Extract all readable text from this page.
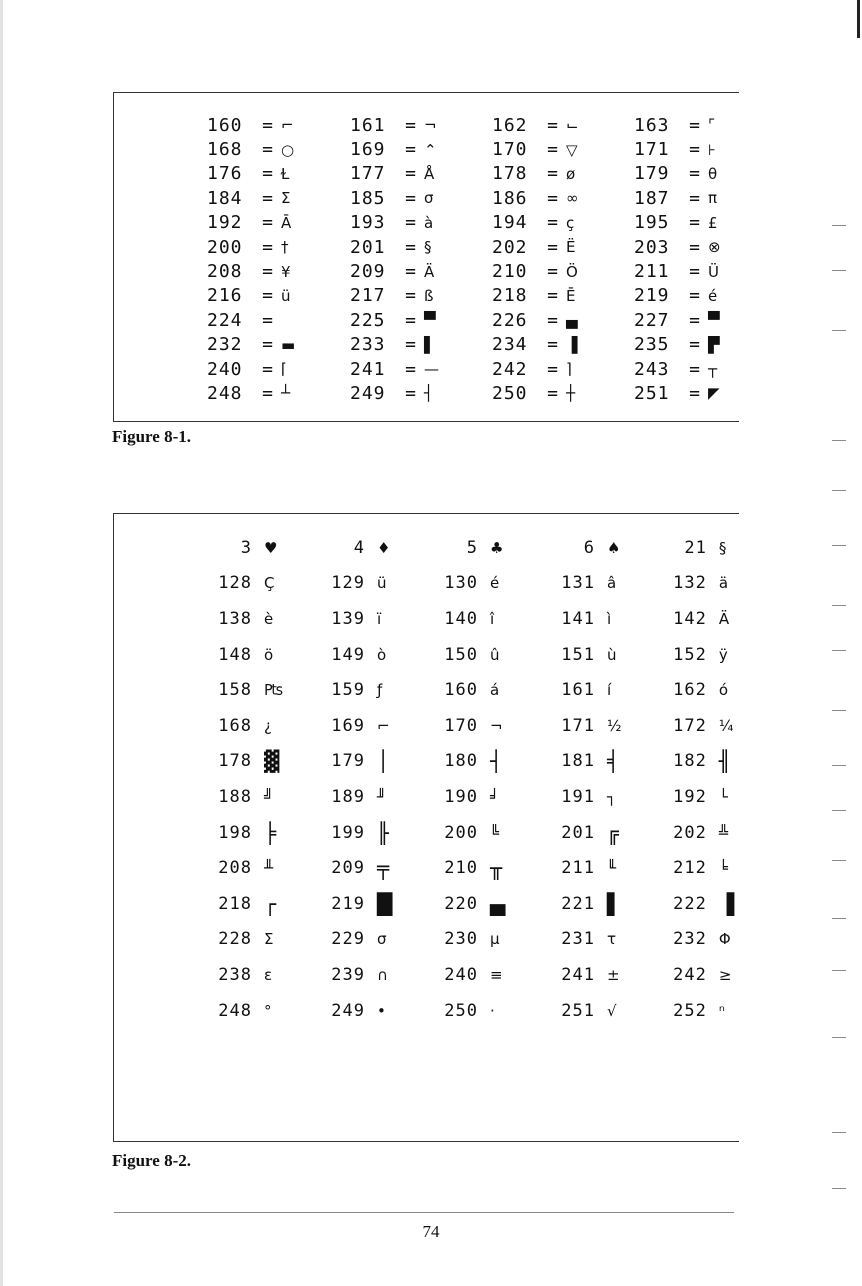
160	= ⌐	161	= ¬	162	= ⌙	163	= ⌜
168	= ○	169	= ⌃	170	= ▽	171	= ⊦
176	= Ɫ	177	= Å	178	= ø	179	= θ
184	= Σ	185	= σ	186	= ∞	187	= π
192	= Ā	193	= à	194	= ç	195	= £
200	= †	201	= §	202	= Ë	203	= ⊗
208	= ¥	209	= Ä	210	= Ö	211	= Ü
216	= ü	217	= ß	218	= Ē	219	= é
224	=	225	= ▀	226	= ▄	227	= ▀
232	= ▬	233	= ▌	234	= ▐	235	= ▛
240	= ⌈	241	= —	242	= ⌉	243	= ┬
248	= ┴	249	= ┤	250	= ┼	251	= ◤
Figure 8-1.
3 ♥	4 ♦	5 ♣	6 ♠	21 §
128 Ç	129 ü	130 é	131 â	132 ä
138 è	139 ï	140 î	141 ì	142 Ä
148 ö	149 ò	150 û	151 ù	152 ÿ
158 ₧	159 ƒ	160 á	161 í	162 ó
168 ¿	169 ⌐	170 ¬	171 ½	172 ¼
178 ▓	179 │	180 ┤	181 ╡	182 ╢
188 ╝	189 ╜	190 ╛	191 ┐	192 └
198 ╞	199 ╟	200 ╚	201 ╔	202 ╩
208 ╨	209 ╤	210 ╥	211 ╙	212 ╘
218 ┌	219 █	220 ▄	221 ▌	222 ▐
228 Σ	229 σ	230 µ	231 τ	232 Φ
238 ε	239 ∩	240 ≡	241 ±	242 ≥
248 °	249 •	250 ·	251 √	252 ⁿ
Figure 8-2.
74
